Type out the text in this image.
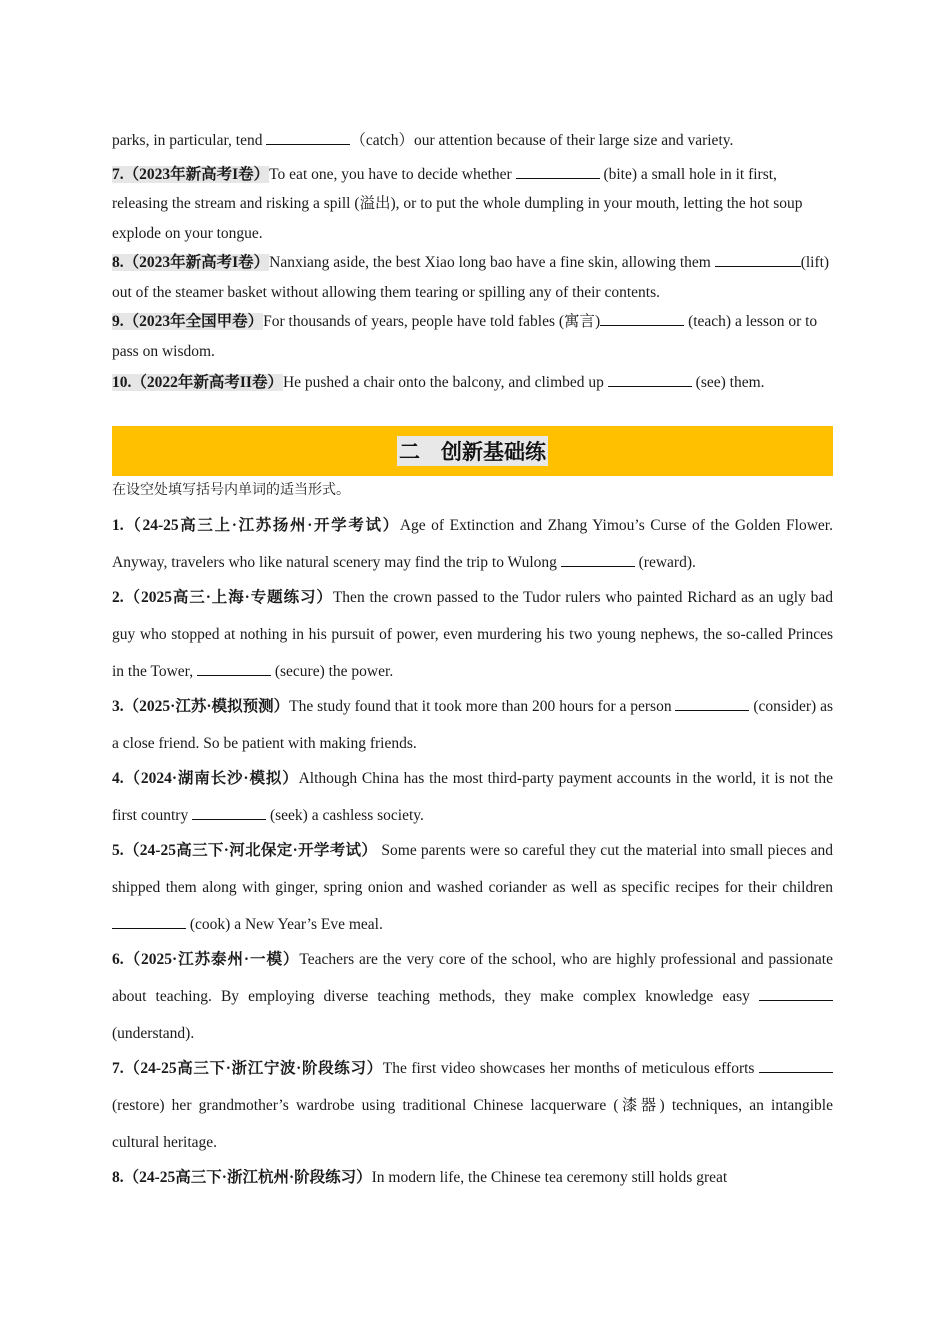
parks, in particular, tend	（catch）our attention because of their large size and variety.

7.（2023年新高考I卷）To eat one, you have to decide whether	(bite) a small hole in it first, releasing the stream and risking a spill (溢出), or to put the whole dumpling in your mouth, letting the hot soup explode on your tongue.

8.（2023年新高考I卷）Nanxiang aside, the best Xiao long bao have a fine skin, allowing them	(lift) out of the steamer basket without allowing them tearing or spilling any of their contents.

9.（2023年全国甲卷）For thousands of years, people have told fables (寓言)	(teach) a lesson or to pass on wisdom.

10.（2022年新高考II卷）He pushed a chair onto the balcony, and climbed up	(see) them.

在设空处填写括号内单词的适当形式。

1.（24-25高三上·江苏扬州·开学考试）Age of Extinction and Zhang Yimou’s Curse of the Golden Flower. Anyway, travelers who like natural scenery may find the trip to Wulong	(reward).

2.（2025高三·上海·专题练习）Then the crown passed to the Tudor rulers who painted Richard as an ugly bad guy who stopped at nothing in his pursuit of power, even murdering his two young nephews, the so-called Princes in the Tower,	(secure) the power.

3.（2025·江苏·模拟预测）The study found that it took more than 200 hours for a person	(consider) as a close friend. So be patient with making friends.

4.（2024·湖南长沙·模拟）Although China has the most third-party payment accounts in the world, it is not the first country	(seek) a cashless society.

5.（24-25高三下·河北保定·开学考试） Some parents were so careful they cut the material into small pieces and shipped them along with ginger, spring onion and washed coriander as well as specific recipes for their children  (cook) a New Year’s Eve meal.

6.（2025·江苏泰州·一模）Teachers are the very core of the school, who are highly professional and passionate about teaching. By employing diverse teaching methods, they make complex knowledge easy  (understand).

7.（24-25高三下·浙江宁波·阶段练习）The first video showcases her months of meticulous efforts (restore) her grandmother’s wardrobe using traditional Chinese lacquerware (漆器) techniques, an intangible cultural heritage.

8.（24-25高三下·浙江杭州·阶段练习）In modern life, the Chinese tea ceremony still holds great

二　创新基础练
